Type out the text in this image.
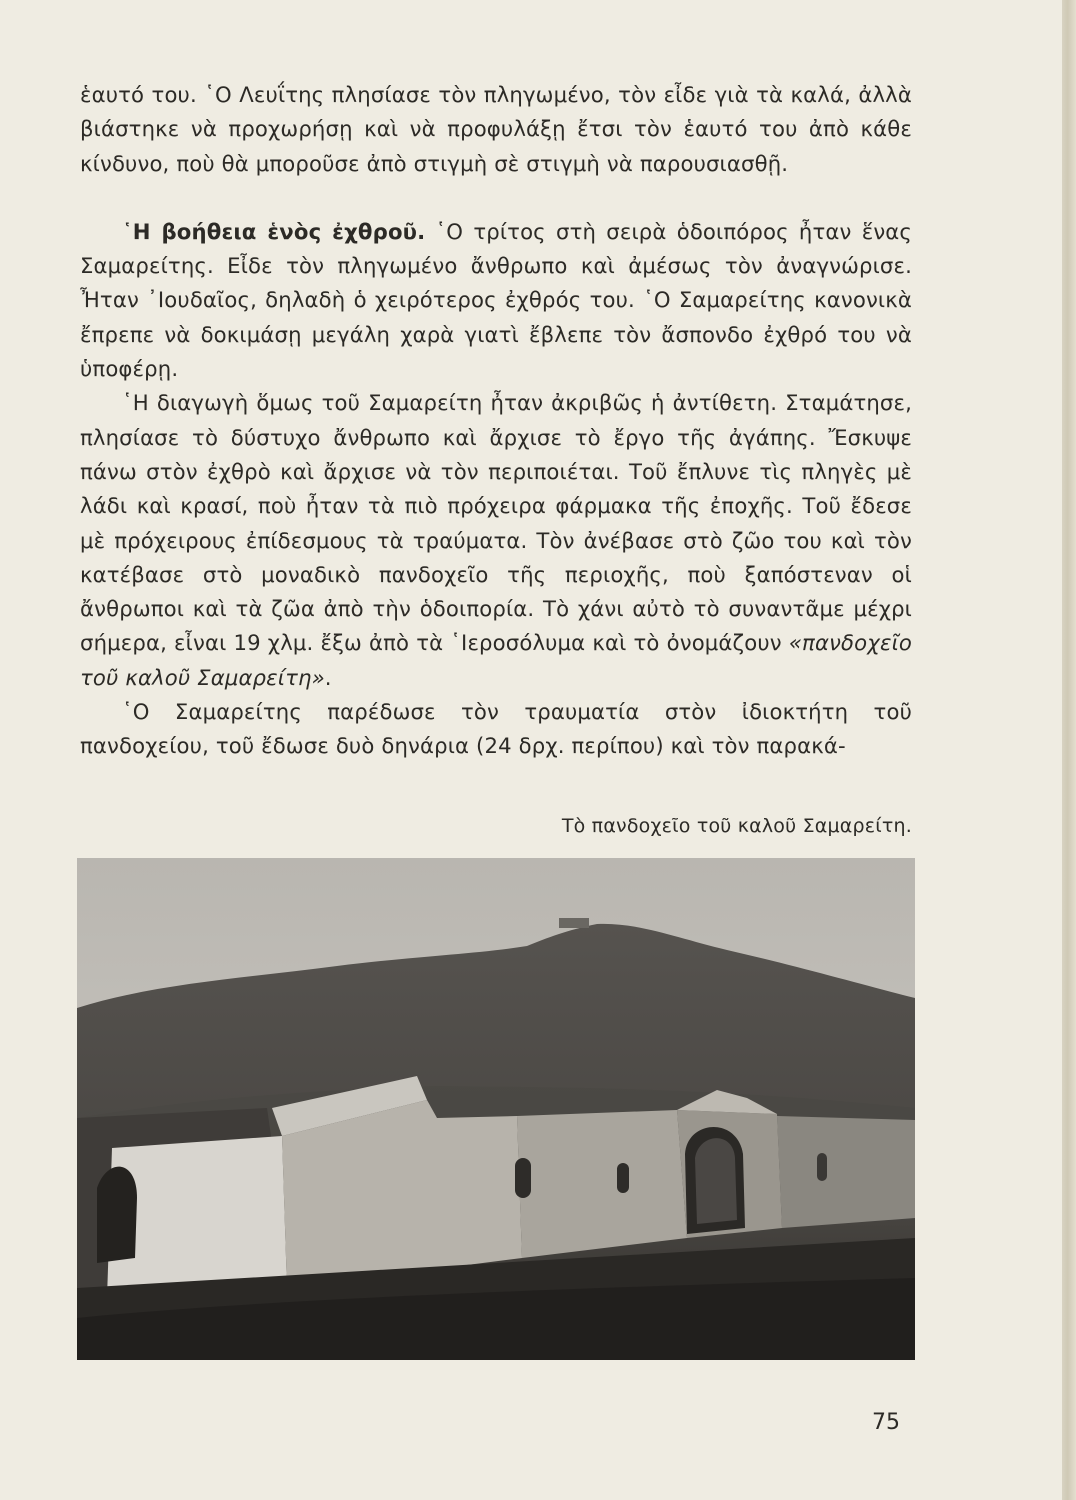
ἑαυτό του. ῾Ο Λευΐτης πλησίασε τὸν πληγωμένο, τὸν εἶδε γιὰ τὰ καλά, ἀλλὰ βιάστηκε νὰ προχωρήσῃ καὶ νὰ προφυλάξῃ ἔτσι τὸν ἑαυτό του ἀπὸ κάθε κίνδυνο, ποὺ θὰ μποροῦσε ἀπὸ στιγμὴ σὲ στιγμὴ νὰ παρουσιασθῇ.

῾Η βοήθεια ἑνὸς ἐχθροῦ. ῾Ο τρίτος στὴ σειρὰ ὁδοιπόρος ἦταν ἕνας Σαμαρείτης. Εἶδε τὸν πληγωμένο ἄνθρωπο καὶ ἀμέσως τὸν ἀναγνώρισε. Ἦταν ᾿Ιουδαῖος, δηλαδὴ ὁ χειρότερος ἐχθρός του. ῾Ο Σαμαρείτης κανονικὰ ἔπρεπε νὰ δοκιμάσῃ μεγάλη χαρὰ γιατὶ ἔβλεπε τὸν ἄσπονδο ἐχθρό του νὰ ὑποφέρῃ.

῾Η διαγωγὴ ὅμως τοῦ Σαμαρείτη ἦταν ἀκριβῶς ἡ ἀντίθετη. Σταμάτησε, πλησίασε τὸ δύστυχο ἄνθρωπο καὶ ἄρχισε τὸ ἔργο τῆς ἀγάπης. Ἔσκυψε πάνω στὸν ἐχθρὸ καὶ ἄρχισε νὰ τὸν περιποιέται. Τοῦ ἔπλυνε τὶς πληγὲς μὲ λάδι καὶ κρασί, ποὺ ἦταν τὰ πιὸ πρόχειρα φάρμακα τῆς ἐποχῆς. Τοῦ ἔδεσε μὲ πρόχειρους ἐπίδεσμους τὰ τραύματα. Τὸν ἀνέβασε στὸ ζῶο του καὶ τὸν κατέβασε στὸ μοναδικὸ πανδοχεῖο τῆς περιοχῆς, ποὺ ξαπόστεναν οἱ ἄνθρωποι καὶ τὰ ζῶα ἀπὸ τὴν ὁδοιπορία. Τὸ χάνι αὐτὸ τὸ συναντᾶμε μέχρι σήμερα, εἶναι 19 χλμ. ἔξω ἀπὸ τὰ ῾Ιεροσόλυμα καὶ τὸ ὀνομάζουν «πανδοχεῖο τοῦ καλοῦ Σαμαρείτη».

῾Ο Σαμαρείτης παρέδωσε τὸν τραυματία στὸν ἰδιοκτήτη τοῦ πανδοχείου, τοῦ ἔδωσε δυὸ δηνάρια (24 δρχ. περίπου) καὶ τὸν παρακά-

Τὸ πανδοχεῖο τοῦ καλοῦ Σαμαρείτη.
75
